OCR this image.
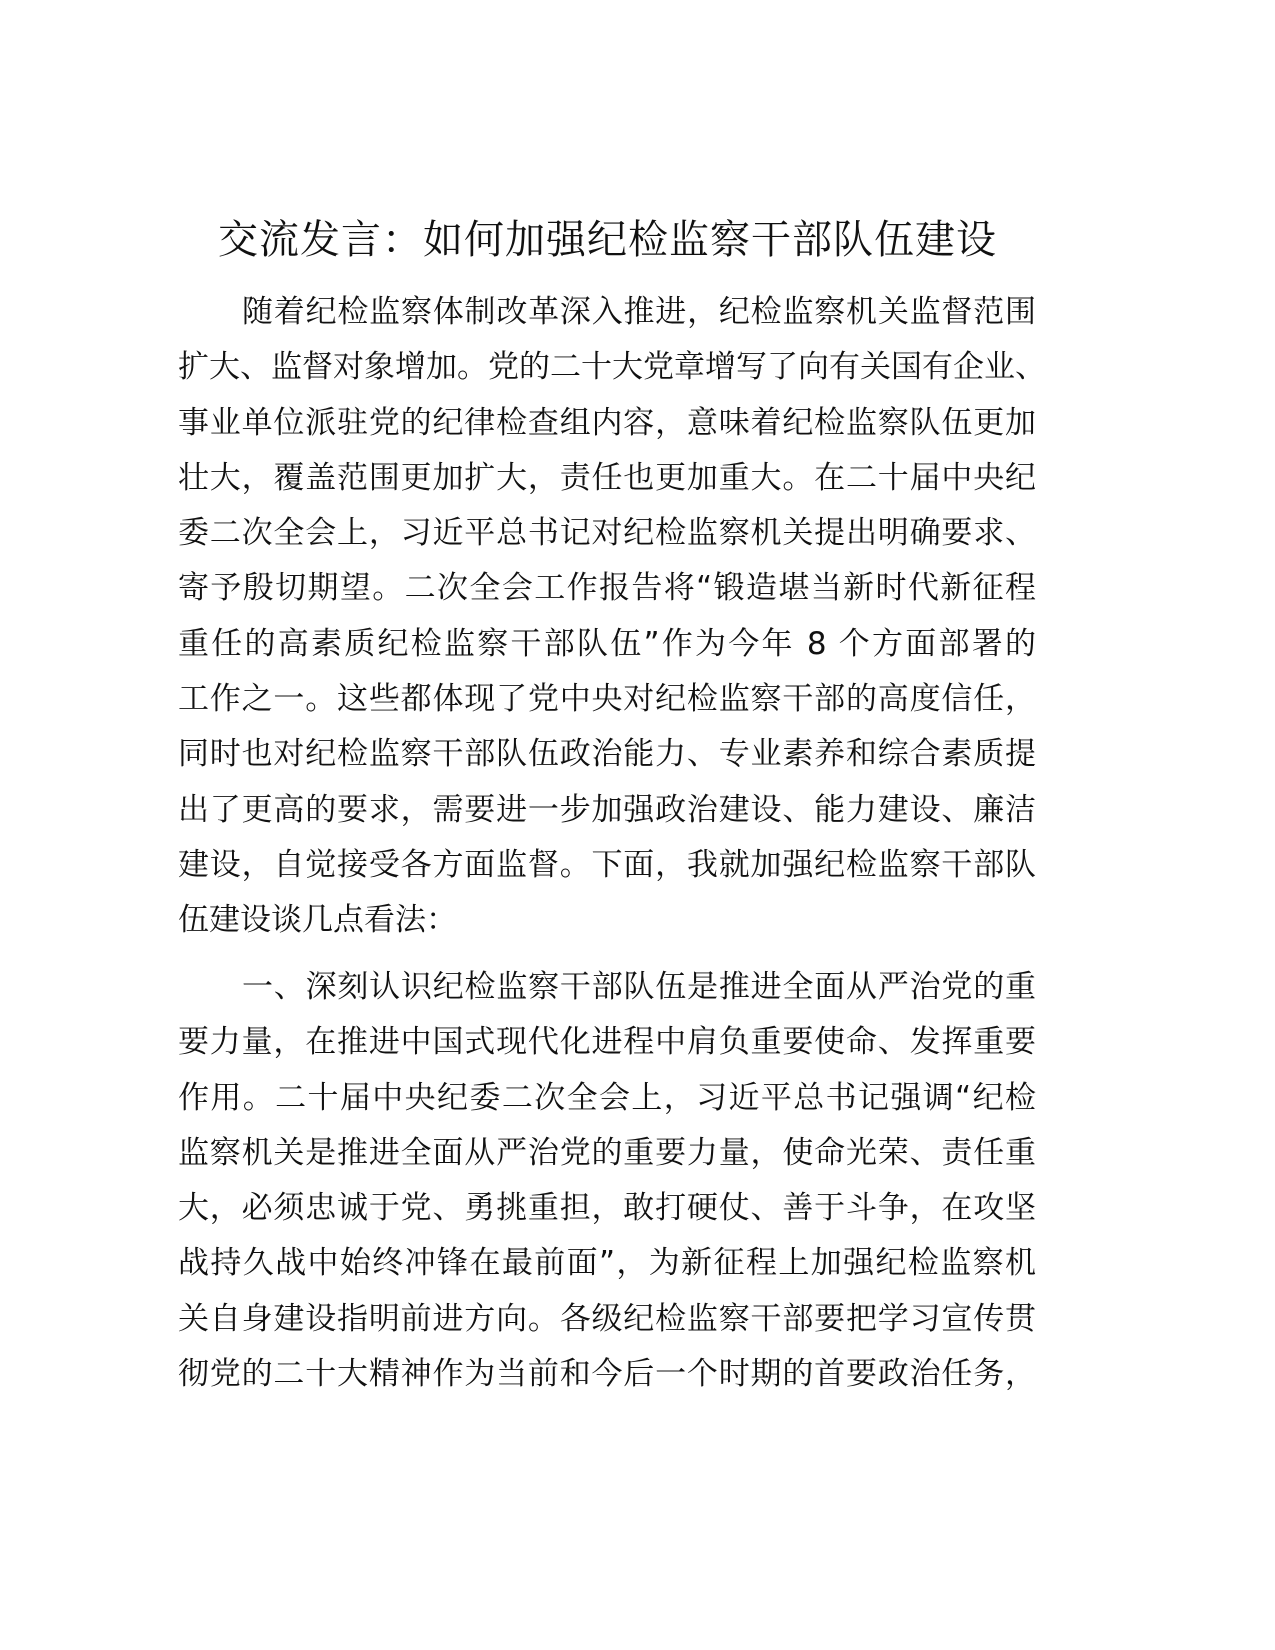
交流发言：如何加强纪检监察干部队伍建设
随着纪检监察体制改革深入推进，纪检监察机关监督范围
扩大、监督对象增加。党的二十大党章增写了向有关国有企业、
事业单位派驻党的纪律检查组内容，意味着纪检监察队伍更加
壮大，覆盖范围更加扩大，责任也更加重大。在二十届中央纪
委二次全会上，习近平总书记对纪检监察机关提出明确要求、
寄予殷切期望。二次全会工作报告将“锻造堪当新时代新征程
重任的高素质纪检监察干部队伍”作为今年 8 个方面部署的
工作之一。这些都体现了党中央对纪检监察干部的高度信任，
同时也对纪检监察干部队伍政治能力、专业素养和综合素质提
出了更高的要求，需要进一步加强政治建设、能力建设、廉洁
建设，自觉接受各方面监督。下面，我就加强纪检监察干部队
伍建设谈几点看法：
一、深刻认识纪检监察干部队伍是推进全面从严治党的重
要力量，在推进中国式现代化进程中肩负重要使命、发挥重要
作用。二十届中央纪委二次全会上，习近平总书记强调“纪检
监察机关是推进全面从严治党的重要力量，使命光荣、责任重
大，必须忠诚于党、勇挑重担，敢打硬仗、善于斗争，在攻坚
战持久战中始终冲锋在最前面”，为新征程上加强纪检监察机
关自身建设指明前进方向。各级纪检监察干部要把学习宣传贯
彻党的二十大精神作为当前和今后一个时期的首要政治任务，
